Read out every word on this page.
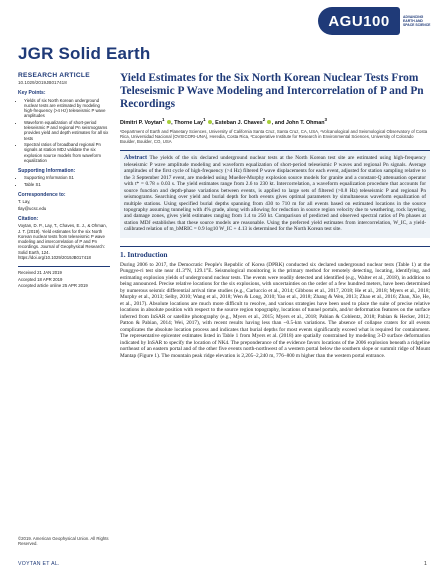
AGU100	ADVANCING
EARTH AND
SPACE SCIENCE
JGR Solid Earth
RESEARCH ARTICLE
10.1029/2019JB017418
Key Points:
• Yields of six North Korean underground nuclear tests are estimated by modeling high-frequency (>4 Hz) teleseismic P wave amplitudes
• Waveform equalization of short-period teleseismic P and regional Pn seismograms provides yield and depth estimates for all six tests
• Spectral ratios of broadband regional Pn signals at station MDJ validate the six explosion source models from waveform equalization
Supporting Information:
• Supporting Information S1
• Table S1
Correspondence to:

T. Lay,

tlay@ucsc.edu

Citation:

Voytan, D. P., Lay, T., Chaves, E. J., & Ohman, J. T. (2019). Yield estimates for the six North Korean nuclear tests from teleseismic P wave modeling and intercorrelation of P and Pn recordings. Journal of Geophysical Research: Solid Earth, 124. https://doi.org/10.1029/2019JB017418

Received 21 JAN 2019

Accepted 18 APR 2019

Accepted article online 25 APR 2019

Yield Estimates for the Six North Korean Nuclear Tests From Teleseismic P Wave Modeling and Intercorrelation of P and Pn Recordings
Dimitri P. Voytan$^1$ , Thorne Lay$^1$ , Esteban J. Chaves$^2$ , and John T. Ohman$^3$
¹Department of Earth and Planetary Sciences, University of California Santa Cruz, Santa Cruz, CA, USA, ²Volcanological and Seismological Observatory of Costa Rica, Universidad Nacional (OVSICORI-UNA), Heredia, Costa Rica, ³Cooperative Institute for Research in Environmental Sciences, University of Colorado Boulder, Boulder, CO, USA
Abstract The yields of the six declared underground nuclear tests at the North Korean test site are estimated using high-frequency teleseismic P wave amplitude modeling and waveform equalization of short-period teleseismic P waves and regional Pn signals. Average amplitudes of the first cycle of high-frequency (>4 Hz) filtered P wave displacements for each event, adjusted for station sampling relative to the 3 September 2017 event, are modeled using Mueller-Murphy explosion source models for granite and a constant-Q attenuation operator with t* = 0.78 ± 0.03 s. The yield estimates range from 2.6 to 230 kt. Intercorrelation, a waveform equalization procedure that accounts for source function and depth-phase variations between events, is applied to large sets of filtered (>0.8 Hz) teleseismic P and regional Pn seismograms. Searching over yield and burial depth for both events gives optimal parameters by simultaneous waveform equalization of multiple stations. Using specified burial depths spanning from 430 to 710 m for all events based on estimated locations in the source topography assuming tunneling with 4% grade, along with allowing for reduction in source region velocity due to weathering, rock layering, and damage zones, gives yield estimates ranging from 1.4 to 250 kt. Comparison of predicted and observed spectral ratios of Pn phases at station MDJ establishes that these source models are reasonable. Using the preferred yield estimates from intercorrelation, W_IC, a yield-calibrated relation of m_bMRIC = 0.9 log10 W_IC + 4.13 is determined for the North Korean test site.
1. Introduction
During 2006 to 2017, the Democratic People's Republic of Korea (DPRK) conducted six declared underground nuclear tests (Table 1) at the Punggye-ri test site near 41.3°N, 129.1°E. Seismological monitoring is the primary method for remotely detecting, locating, identifying, and estimating explosion yields of underground nuclear tests. The events were readily detected and identified (e.g., Walter et al., 2018), in addition to being announced. Precise relative locations for the six explosions, with uncertainties on the order of a few hundred meters, have been determined by numerous seismic differential arrival time studies (e.g., Carluccio et al., 2014; Gibbons et al., 2017, 2018; He et al., 2018; Myers et al., 2018; Murphy et al., 2013; Selby, 2010; Wang et al., 2018; Wen & Long, 2010; Yao et al., 2018; Zhang & Wen, 2013; Zhao et al., 2016; Zhan, Xie, He, et al., 2017). Absolute locations are much more difficult to resolve, and various strategies have been used to place the suite of precise relative locations in absolute position with respect to the source region topography, locations of tunnel portals, and/or deformation features on the surface inferred from InSAR or satellite photography (e.g., Myers et al., 2015; Myers et al., 2018; Pabian & Coblentz, 2018; Pabian & Hecker, 2012; Patton & Pabian, 2014; Wei, 2017), with recent results having less than ~0.5-km variations. The absence of collapse craters for all events complicates the absolute location process and indicates that burial depths for most events significantly exceed what is required for containment. The representative epicenter estimates listed in Table 1 from Myers et al. (2018) are spatially constrained by modeling 3-D surface deformation indicated by InSAR to specify the location of NK4. The preponderance of the evidence favors locations of the 2006 explosion beneath a ridgeline northeast of an eastern portal and of the other five events north-northwest of a western portal below the southern slope or summit ridge of Mount Mantap (Figure 1). The mountain peak ridge elevation is 2,205–2,240 m, 776–800 m higher than the western portal entrance.
©2019. American Geophysical Union. All Rights Reserved.
VOYTAN ET AL.	1
